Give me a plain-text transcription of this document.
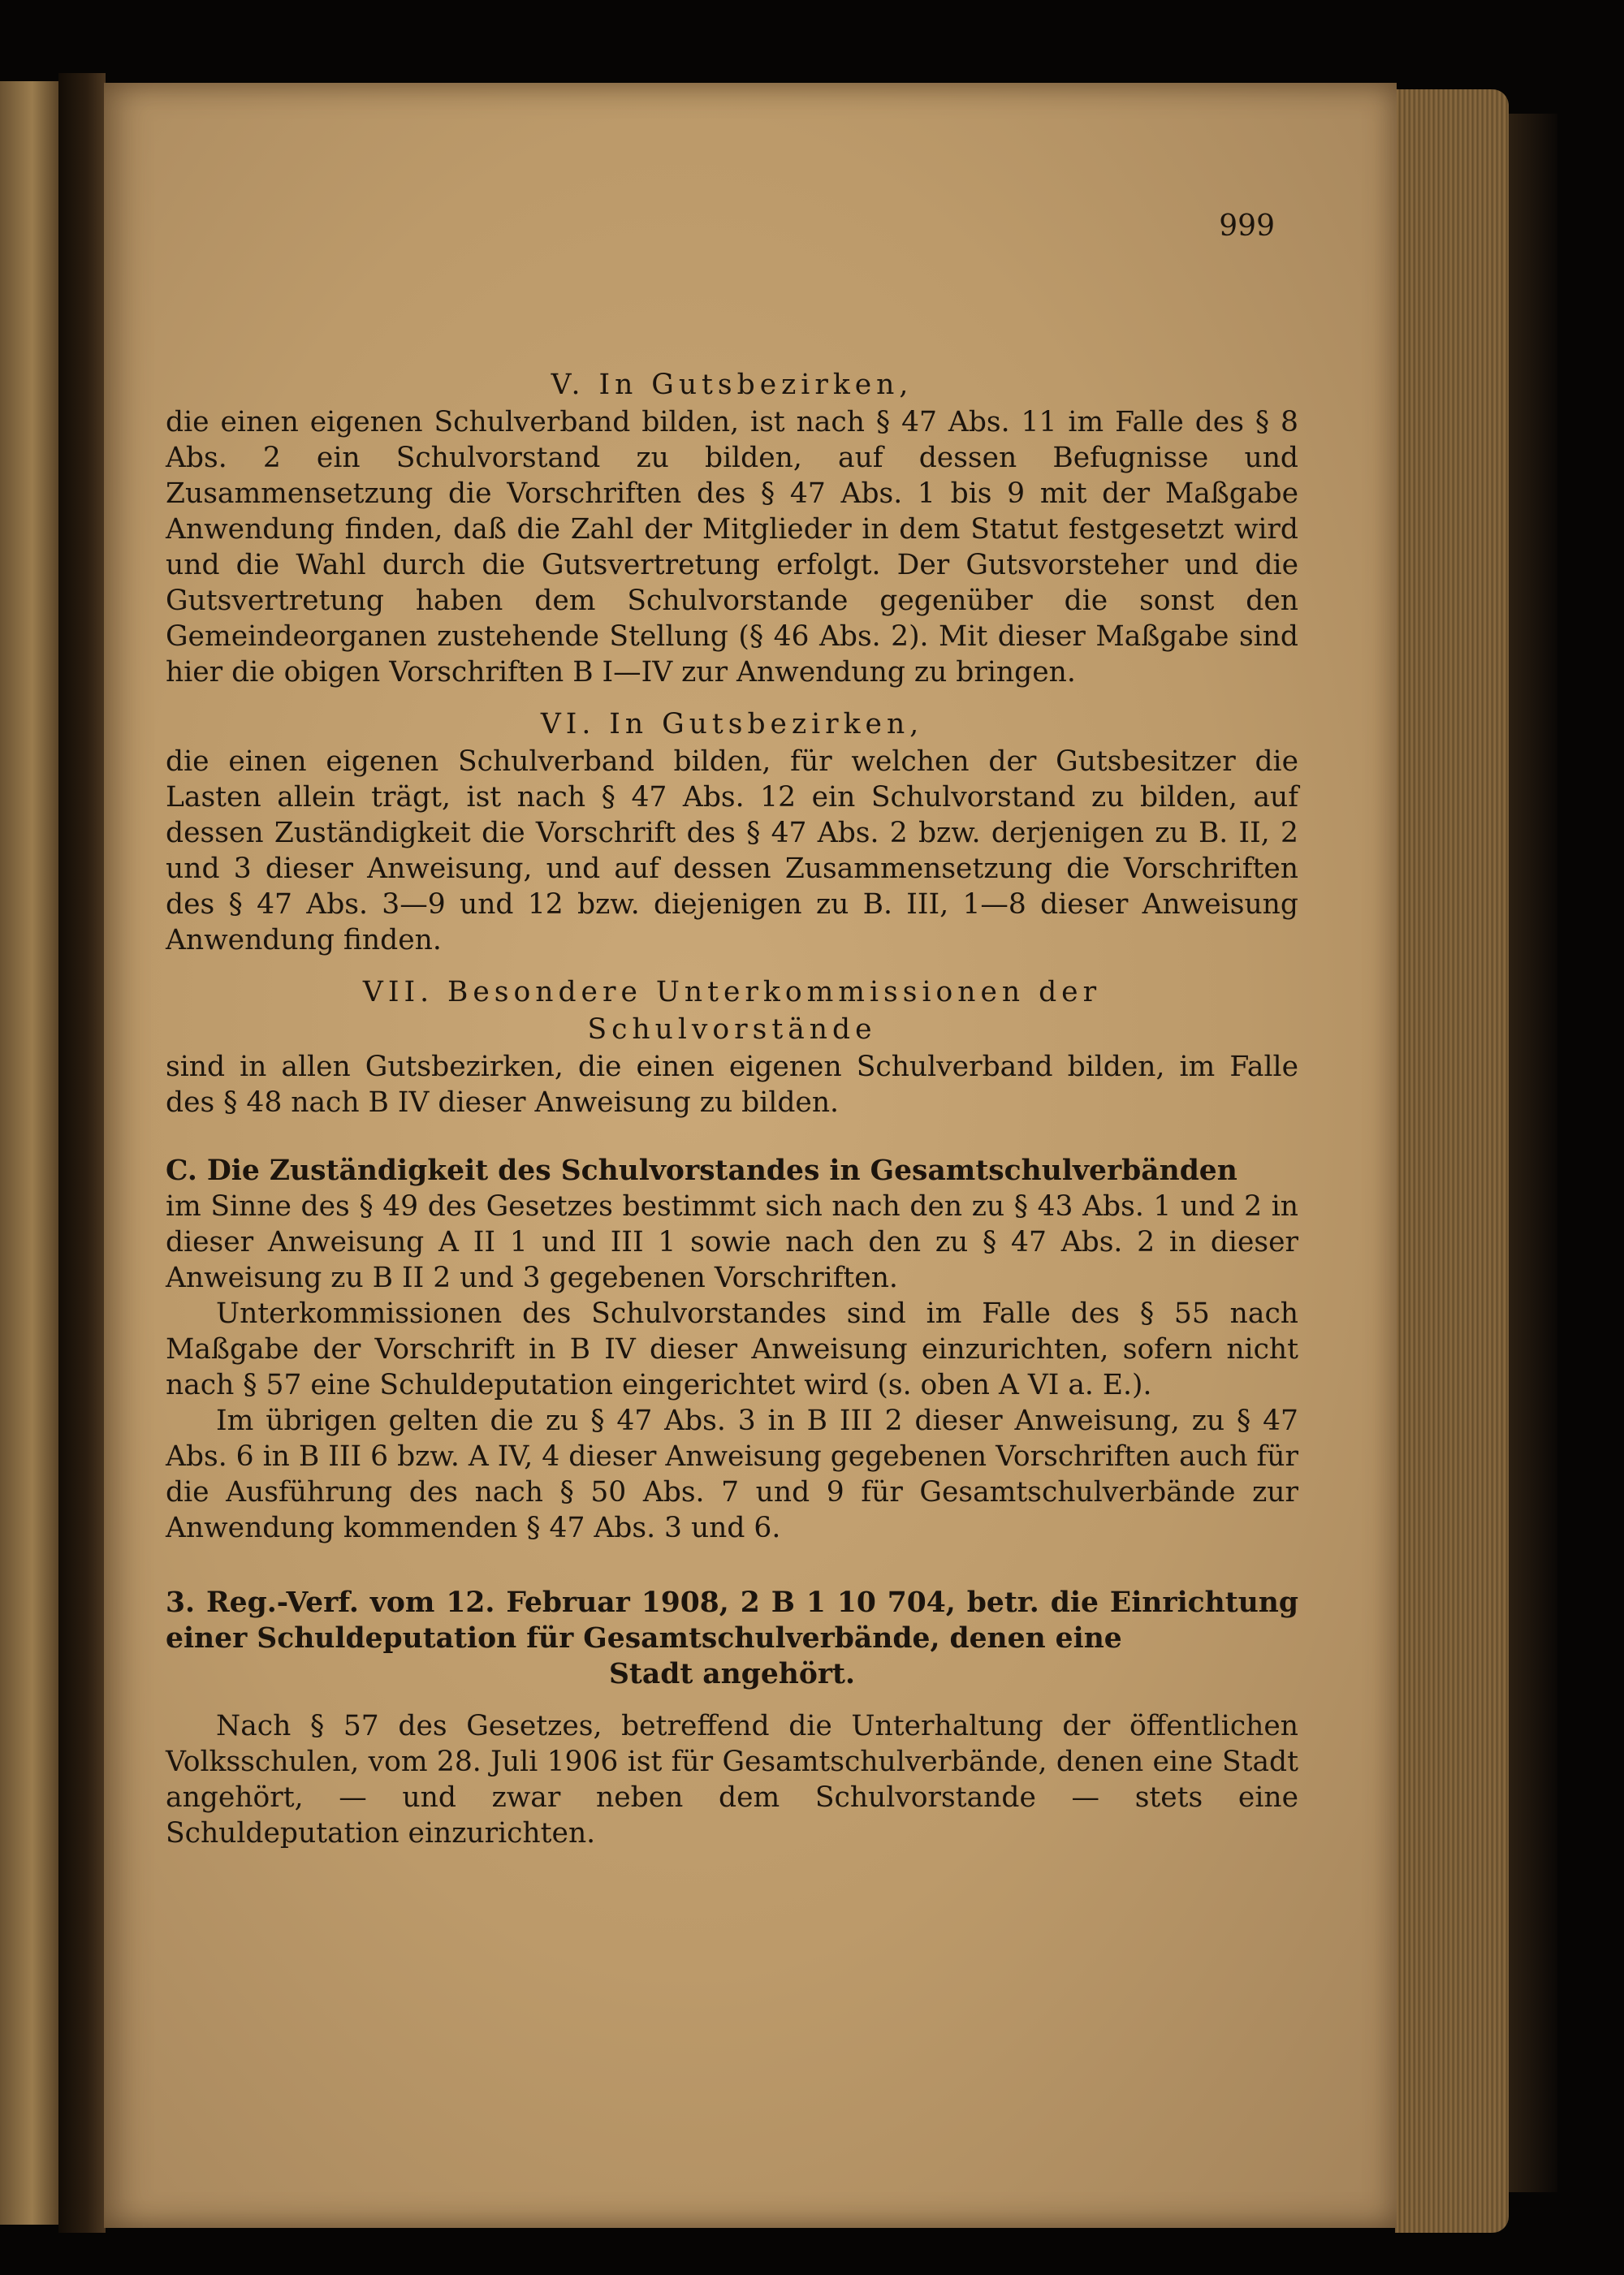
999
V. In Gutsbezirken,

die einen eigenen Schulverband bilden, ist nach § 47 Abs. 11 im Falle des § 8 Abs. 2 ein Schulvorstand zu bilden, auf dessen Befugnisse und Zusammensetzung die Vorschriften des § 47 Abs. 1 bis 9 mit der Maßgabe Anwendung finden, daß die Zahl der Mitglieder in dem Statut festgesetzt wird und die Wahl durch die Gutsvertretung erfolgt. Der Gutsvorsteher und die Gutsvertretung haben dem Schulvorstande gegenüber die sonst den Gemeindeorganen zustehende Stellung (§ 46 Abs. 2). Mit dieser Maßgabe sind hier die obigen Vorschriften B I—IV zur Anwendung zu bringen.

VI. In Gutsbezirken,

die einen eigenen Schulverband bilden, für welchen der Gutsbesitzer die Lasten allein trägt, ist nach § 47 Abs. 12 ein Schulvorstand zu bilden, auf dessen Zuständigkeit die Vorschrift des § 47 Abs. 2 bzw. derjenigen zu B. II, 2 und 3 dieser Anweisung, und auf dessen Zusammensetzung die Vorschriften des § 47 Abs. 3—9 und 12 bzw. diejenigen zu B. III, 1—8 dieser Anweisung Anwendung finden.

VII. Besondere Unterkommissionen der
Schulvorstände

sind in allen Gutsbezirken, die einen eigenen Schulverband bilden, im Falle des § 48 nach B IV dieser Anweisung zu bilden.

C. Die Zuständigkeit des Schulvorstandes in Gesamtschulverbänden

im Sinne des § 49 des Gesetzes bestimmt sich nach den zu § 43 Abs. 1 und 2 in dieser Anweisung A II 1 und III 1 sowie nach den zu § 47 Abs. 2 in dieser Anweisung zu B II 2 und 3 gegebenen Vorschriften.

Unterkommissionen des Schulvorstandes sind im Falle des § 55 nach Maßgabe der Vorschrift in B IV dieser Anweisung einzurichten, sofern nicht nach § 57 eine Schuldeputation eingerichtet wird (s. oben A VI a. E.).

Im übrigen gelten die zu § 47 Abs. 3 in B III 2 dieser Anweisung, zu § 47 Abs. 6 in B III 6 bzw. A IV, 4 dieser Anweisung gegebenen Vorschriften auch für die Ausführung des nach § 50 Abs. 7 und 9 für Gesamtschulverbände zur Anwendung kommenden § 47 Abs. 3 und 6.

3. Reg.-Verf. vom 12. Februar 1908, 2 B 1 10 704, betr. die Einrichtung einer Schuldeputation für Gesamtschulverbände, denen eine

Stadt angehört.

Nach § 57 des Gesetzes, betreffend die Unterhaltung der öffentlichen Volksschulen, vom 28. Juli 1906 ist für Gesamtschulverbände, denen eine Stadt angehört, — und zwar neben dem Schulvorstande — stets eine Schuldeputation einzurichten.
